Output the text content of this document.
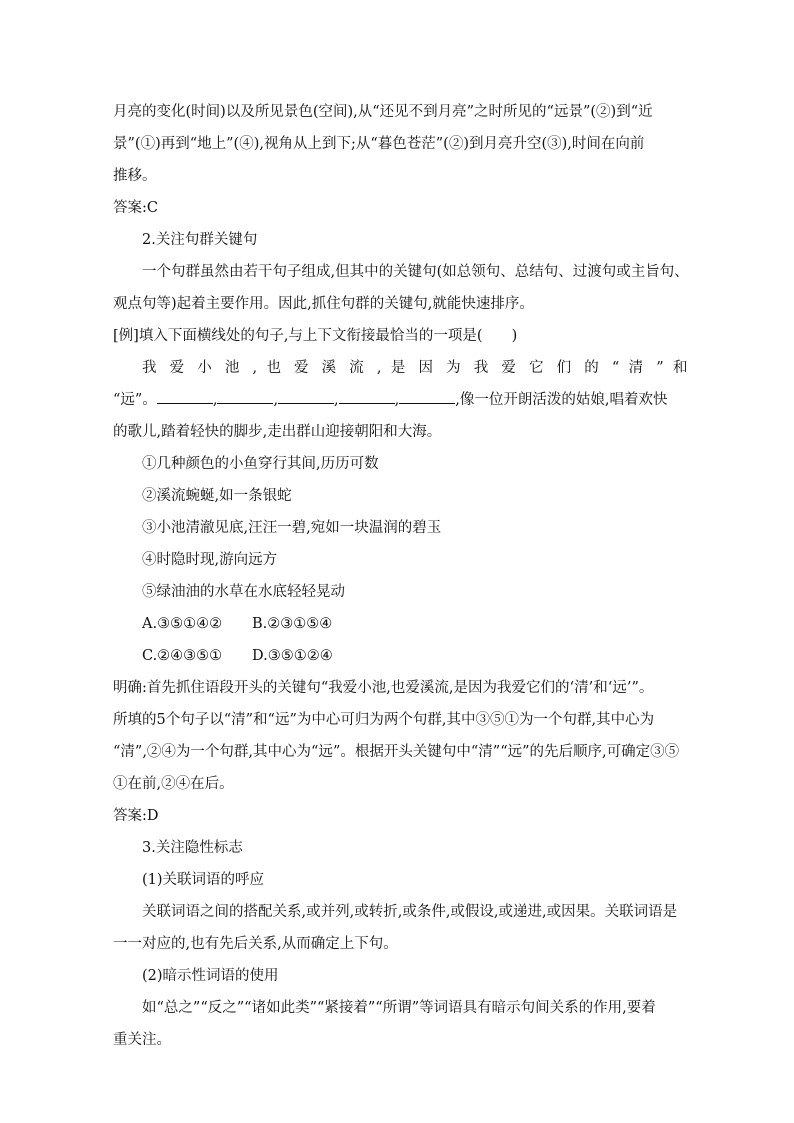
月亮的变化(时间)以及所见景色(空间),从“还见不到月亮”之时所见的“远景”(②)到“近
景”(①)再到“地上”(④),视角从上到下;从“暮色苍茫”(②)到月亮升空(③),时间在向前
推移。
答案:C
2.关注句群关键句
一个句群虽然由若干句子组成,但其中的关键句(如总领句、总结句、过渡句或主旨句、
观点句等)起着主要作用。因此,抓住句群的关键句,就能快速排序。
[例]填入下面横线处的句子,与上下文衔接最恰当的一项是(　　)
我 爱 小 池 , 也 爱 溪 流 , 是 因 为 我 爱 它 们 的 “ 清 ” 和
“远”。	,	,	,	,	,像一位开朗活泼的姑娘,唱着欢快
的歌儿,踏着轻快的脚步,走出群山迎接朝阳和大海。
①几种颜色的小鱼穿行其间,历历可数
②溪流蜿蜒,如一条银蛇
③小池清澈见底,汪汪一碧,宛如一块温润的碧玉
④时隐时现,游向远方
⑤绿油油的水草在水底轻轻晃动
A.③⑤①④② B.②③①⑤④
C.②④③⑤① D.③⑤①②④
明确:首先抓住语段开头的关键句“我爱小池,也爱溪流,是因为我爱它们的‘清’和‘远’”。
所填的5个句子以“清”和“远”为中心可归为两个句群,其中③⑤①为一个句群,其中心为
“清”,②④为一个句群,其中心为“远”。根据开头关键句中“清”“远”的先后顺序,可确定③⑤
①在前,②④在后。
答案:D
3.关注隐性标志
(1)关联词语的呼应
关联词语之间的搭配关系,或并列,或转折,或条件,或假设,或递进,或因果。关联词语是
一一对应的,也有先后关系,从而确定上下句。
(2)暗示性词语的使用
如“总之”“反之”“诸如此类”“紧接着”“所谓”等词语具有暗示句间关系的作用,要着
重关注。
